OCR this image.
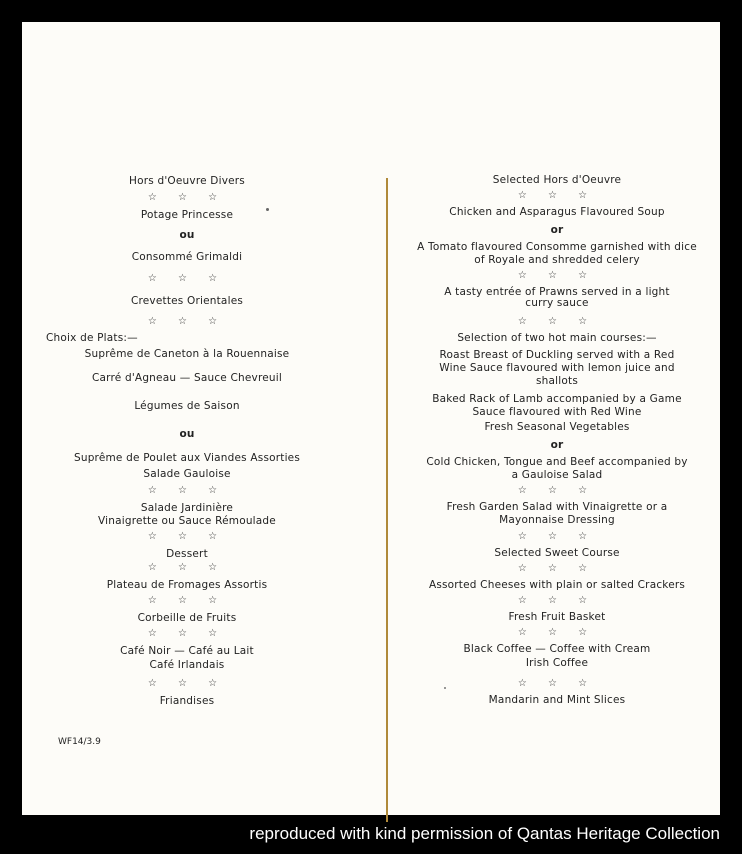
Hors d'Oeuvre Divers
☆ ☆ ☆
Potage Princesse
ou
Consommé Grimaldi
☆ ☆ ☆
Crevettes Orientales
☆ ☆ ☆
Choix de Plats:—
Suprême de Caneton à la Rouennaise
Carré d'Agneau — Sauce Chevreuil
Légumes de Saison
ou
Suprême de Poulet aux Viandes Assorties
Salade Gauloise
☆ ☆ ☆
Salade Jardinière
Vinaigrette ou Sauce Rémoulade
☆ ☆ ☆
Dessert
☆ ☆ ☆
Plateau de Fromages Assortis
☆ ☆ ☆
Corbeille de Fruits
☆ ☆ ☆
Café Noir — Café au Lait
Café Irlandais
☆ ☆ ☆
Friandises
WF14/3.9
Selected Hors d'Oeuvre
☆ ☆ ☆
Chicken and Asparagus Flavoured Soup
or
A Tomato flavoured Consomme garnished with dice
of Royale and shredded celery
☆ ☆ ☆
A tasty entrée of Prawns served in a light
curry sauce
☆ ☆ ☆
Selection of two hot main courses:—
Roast Breast of Duckling served with a Red
Wine Sauce flavoured with lemon juice and
shallots
Baked Rack of Lamb accompanied by a Game
Sauce flavoured with Red Wine
Fresh Seasonal Vegetables
or
Cold Chicken, Tongue and Beef accompanied by
a Gauloise Salad
☆ ☆ ☆
Fresh Garden Salad with Vinaigrette or a
Mayonnaise Dressing
☆ ☆ ☆
Selected Sweet Course
☆ ☆ ☆
Assorted Cheeses with plain or salted Crackers
☆ ☆ ☆
Fresh Fruit Basket
☆ ☆ ☆
Black Coffee — Coffee with Cream
Irish Coffee
☆ ☆ ☆
Mandarin and Mint Slices
reproduced with kind permission of Qantas Heritage Collection
